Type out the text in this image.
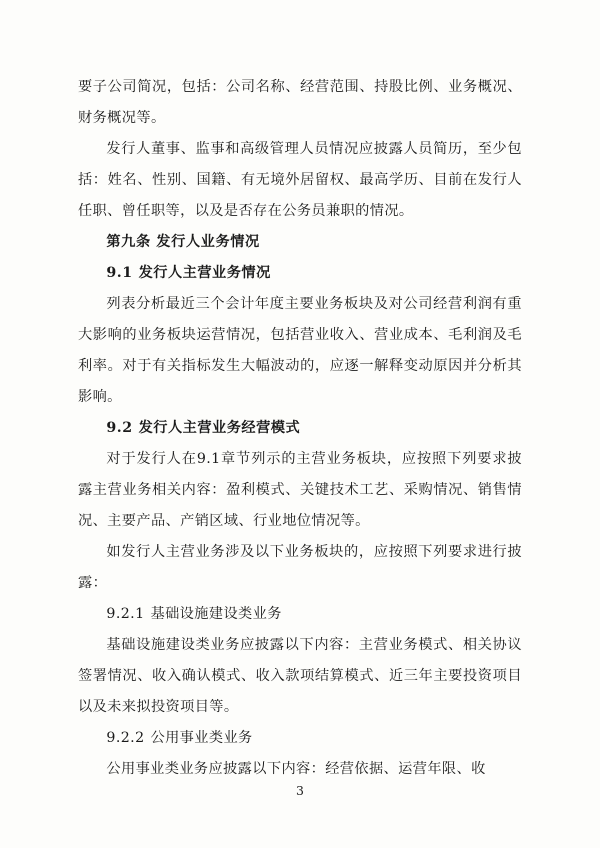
要子公司简况，包括：公司名称、经营范围、持股比例、业务概况、财务概况等。

发行人董事、监事和高级管理人员情况应披露人员简历，至少包括：姓名、性别、国籍、有无境外居留权、最高学历、目前在发行人任职、曾任职等，以及是否存在公务员兼职的情况。

第九条 发行人业务情况

9.1 发行人主营业务情况

列表分析最近三个会计年度主要业务板块及对公司经营利润有重大影响的业务板块运营情况，包括营业收入、营业成本、毛利润及毛利率。对于有关指标发生大幅波动的，应逐一解释变动原因并分析其影响。

9.2 发行人主营业务经营模式

对于发行人在9.1章节列示的主营业务板块，应按照下列要求披露主营业务相关内容：盈利模式、关键技术工艺、采购情况、销售情况、主要产品、产销区域、行业地位情况等。

如发行人主营业务涉及以下业务板块的，应按照下列要求进行披露：

9.2.1 基础设施建设类业务

基础设施建设类业务应披露以下内容：主营业务模式、相关协议签署情况、收入确认模式、收入款项结算模式、近三年主要投资项目以及未来拟投资项目等。

9.2.2 公用事业类业务

公用事业类业务应披露以下内容：经营依据、运营年限、收

3
